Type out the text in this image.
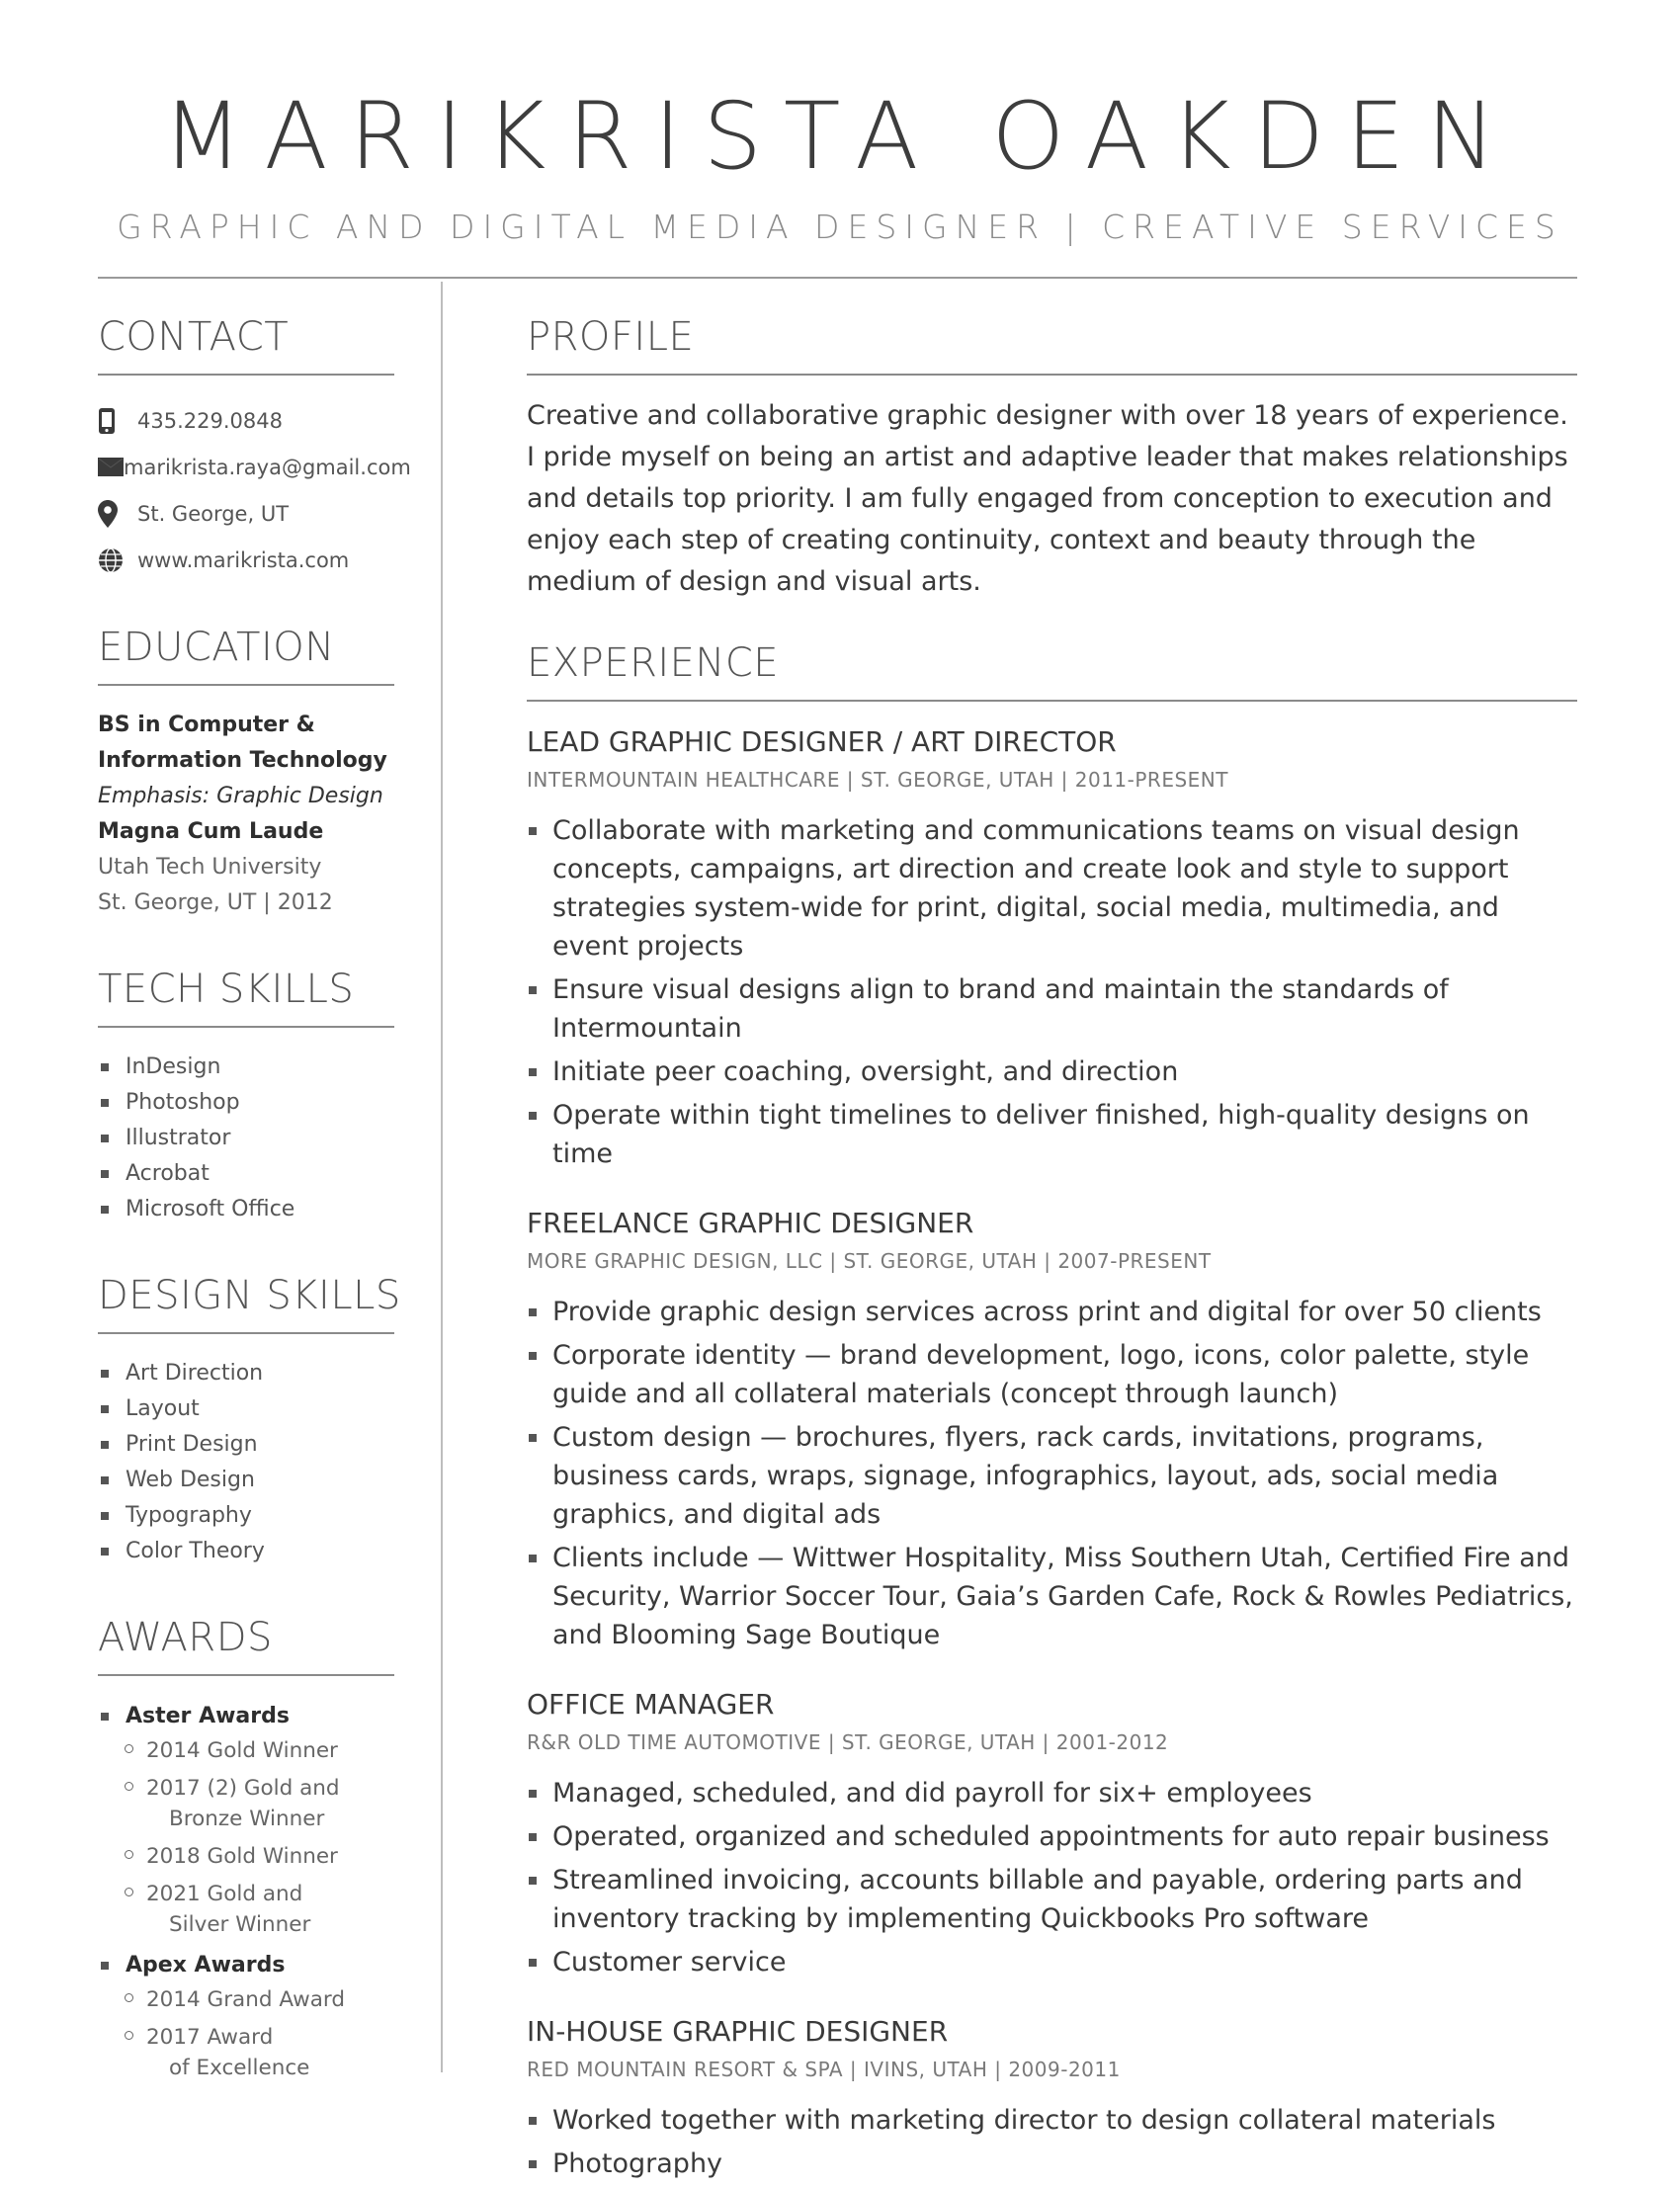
MARIKRISTA OAKDEN
GRAPHIC AND DIGITAL MEDIA DESIGNER | CREATIVE SERVICES
CONTACT
435.229.0848
marikrista.raya@gmail.com
St. George, UT
www.marikrista.com
EDUCATION
BS in Computer &
Information Technology
Emphasis: Graphic Design
Magna Cum Laude
Utah Tech University
St. George, UT | 2012
TECH SKILLS
InDesign
Photoshop
Illustrator
Acrobat
Microsoft Office
DESIGN SKILLS
Art Direction
Layout
Print Design
Web Design
Typography
Color Theory
AWARDS
Aster Awards
2014 Gold Winner
2017 (2) Gold and
Bronze Winner
2018 Gold Winner
2021 Gold and
Silver Winner
Apex Awards
2014 Grand Award
2017 Award
of Excellence
PROFILE

Creative and collaborative graphic designer with over 18 years of experience. I pride myself on being an artist and adaptive leader that makes relationships and details top priority. I am fully engaged from conception to execution and enjoy each step of creating continuity, context and beauty through the medium of design and visual arts.

EXPERIENCE
LEAD GRAPHIC DESIGNER / ART DIRECTOR
INTERMOUNTAIN HEALTHCARE | ST. GEORGE, UTAH | 2011-PRESENT
Collaborate with marketing and communications teams on visual design concepts, campaigns, art direction and create look and style to support strategies system-wide for print, digital, social media, multimedia, and event projects
Ensure visual designs align to brand and maintain the standards of Intermountain
Initiate peer coaching, oversight, and direction
Operate within tight timelines to deliver finished, high-quality designs on time
FREELANCE GRAPHIC DESIGNER
MORE GRAPHIC DESIGN, LLC | ST. GEORGE, UTAH | 2007-PRESENT
Provide graphic design services across print and digital for over 50 clients
Corporate identity — brand development, logo, icons, color palette, style guide and all collateral materials (concept through launch)
Custom design — brochures, flyers, rack cards, invitations, programs, business cards, wraps, signage, infographics, layout, ads, social media graphics, and digital ads
Clients include — Wittwer Hospitality, Miss Southern Utah, Certified Fire and Security, Warrior Soccer Tour, Gaia’s Garden Cafe, Rock & Rowles Pediatrics, and Blooming Sage Boutique
OFFICE MANAGER
R&R OLD TIME AUTOMOTIVE | ST. GEORGE, UTAH | 2001-2012
Managed, scheduled, and did payroll for six+ employees
Operated, organized and scheduled appointments for auto repair business
Streamlined invoicing, accounts billable and payable, ordering parts and inventory tracking by implementing Quickbooks Pro software
Customer service
IN-HOUSE GRAPHIC DESIGNER
RED MOUNTAIN RESORT & SPA | IVINS, UTAH | 2009-2011
Worked together with marketing director to design collateral materials
Photography
